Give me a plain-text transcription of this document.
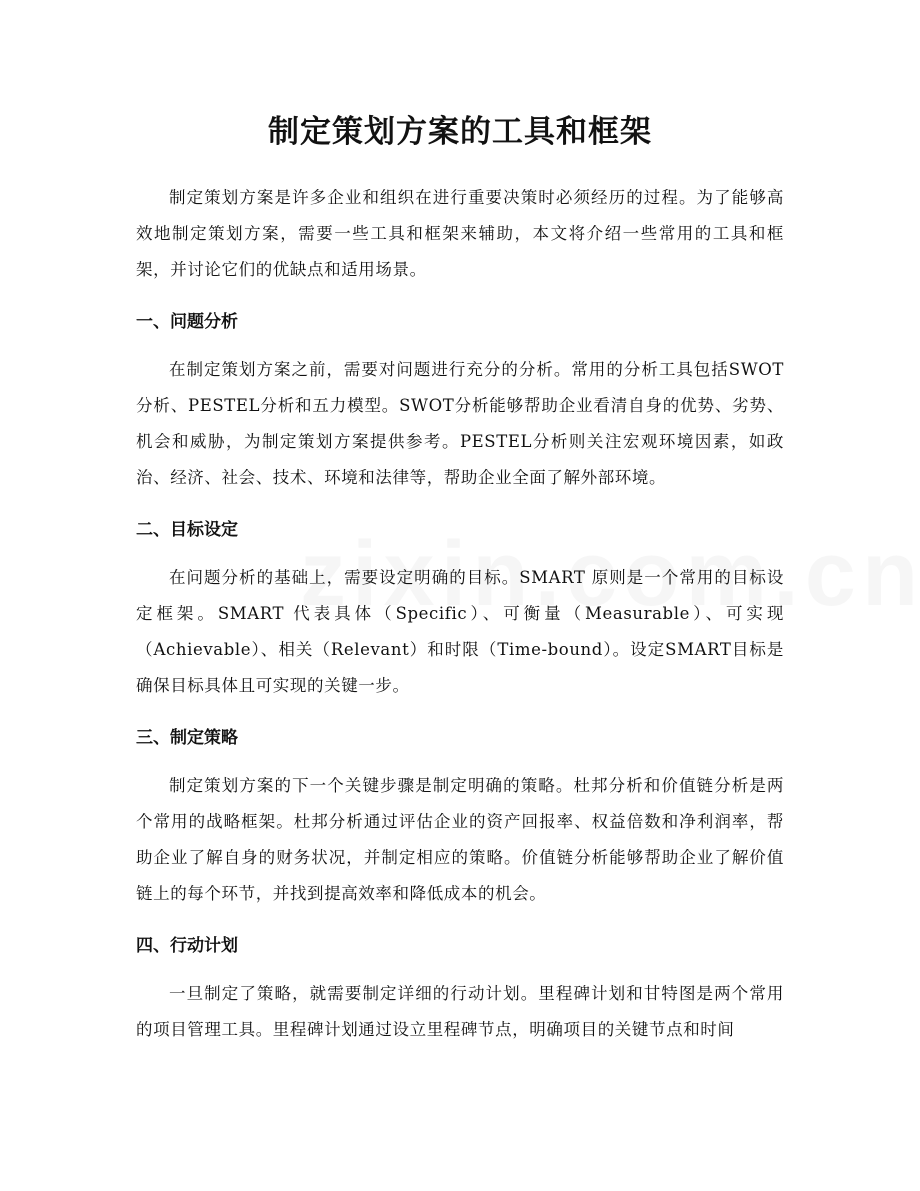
制定策划方案的工具和框架

制定策划方案是许多企业和组织在进行重要决策时必须经历的过程。为了能够高效地制定策划方案，需要一些工具和框架来辅助，本文将介绍一些常用的工具和框架，并讨论它们的优缺点和适用场景。

一、问题分析

在制定策划方案之前，需要对问题进行充分的分析。常用的分析工具包括SWOT分析、PESTEL分析和五力模型。SWOT分析能够帮助企业看清自身的优势、劣势、机会和威胁，为制定策划方案提供参考。PESTEL分析则关注宏观环境因素，如政治、经济、社会、技术、环境和法律等，帮助企业全面了解外部环境。

二、目标设定

在问题分析的基础上，需要设定明确的目标。SMART 原则是一个常用的目标设定框架。SMART 代表具体（Specific）、可衡量（Measurable）、可实现（Achievable）、相关（Relevant）和时限（Time-bound）。设定SMART目标是确保目标具体且可实现的关键一步。

三、制定策略

制定策划方案的下一个关键步骤是制定明确的策略。杜邦分析和价值链分析是两个常用的战略框架。杜邦分析通过评估企业的资产回报率、权益倍数和净利润率，帮助企业了解自身的财务状况，并制定相应的策略。价值链分析能够帮助企业了解价值链上的每个环节，并找到提高效率和降低成本的机会。

四、行动计划

一旦制定了策略，就需要制定详细的行动计划。里程碑计划和甘特图是两个常用的项目管理工具。里程碑计划通过设立里程碑节点，明确项目的关键节点和时间
